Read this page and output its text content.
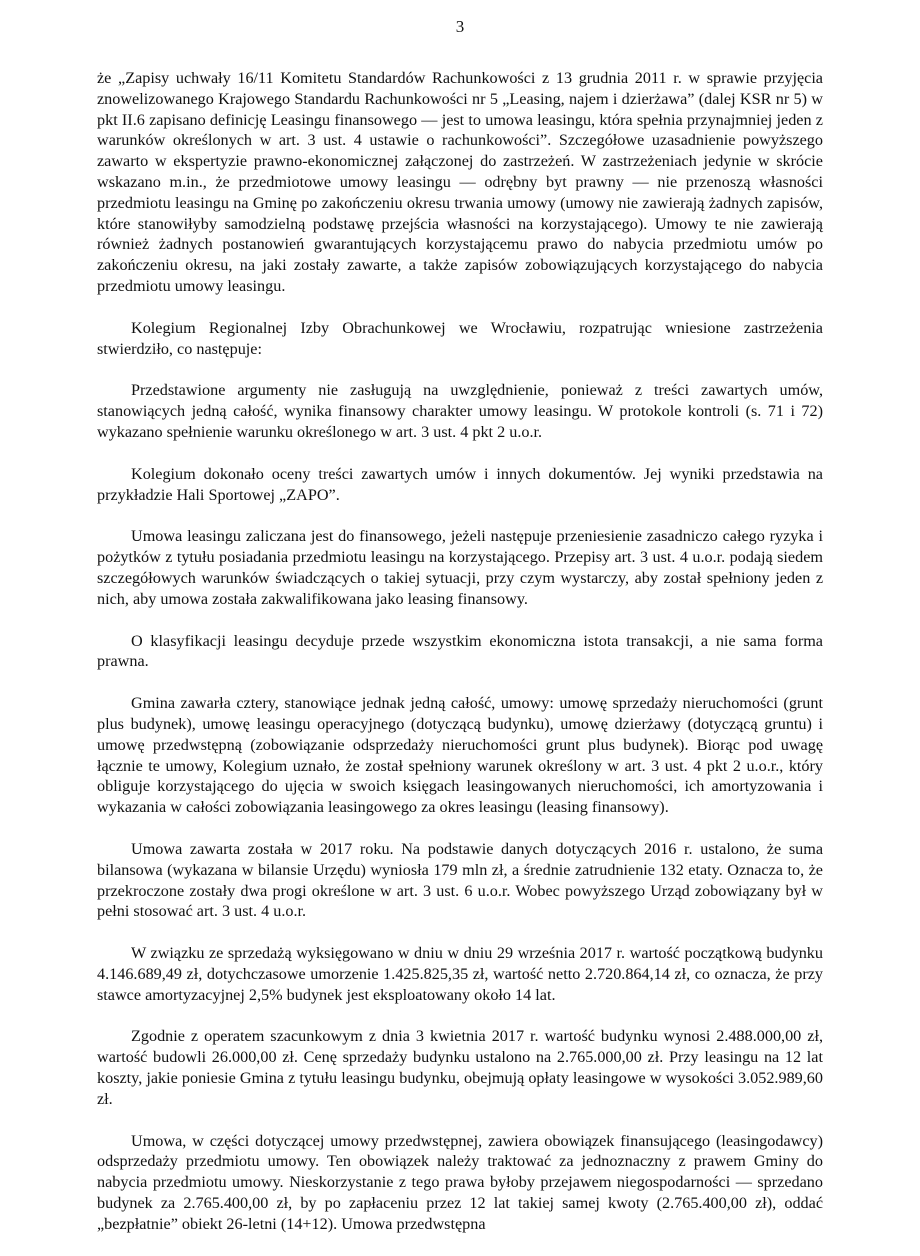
3

że „Zapisy uchwały 16/11 Komitetu Standardów Rachunkowości z 13 grudnia 2011 r. w sprawie przyjęcia znowelizowanego Krajowego Standardu Rachunkowości nr 5 „Leasing, najem i dzierżawa” (dalej KSR nr 5) w pkt II.6 zapisano definicję Leasingu finansowego — jest to umowa leasingu, która spełnia przynajmniej jeden z warunków określonych w art. 3 ust. 4 ustawie o rachunkowości”. Szczegółowe uzasadnienie powyższego zawarto w ekspertyzie prawno-ekonomicznej załączonej do zastrzeżeń. W zastrzeżeniach jedynie w skrócie wskazano m.in., że przedmiotowe umowy leasingu — odrębny byt prawny — nie przenoszą własności przedmiotu leasingu na Gminę po zakończeniu okresu trwania umowy (umowy nie zawierają żadnych zapisów, które stanowiłyby samodzielną podstawę przejścia własności na korzystającego). Umowy te nie zawierają również żadnych postanowień gwarantujących korzystającemu prawo do nabycia przedmiotu umów po zakończeniu okresu, na jaki zostały zawarte, a także zapisów zobowiązujących korzystającego do nabycia przedmiotu umowy leasingu.

Kolegium Regionalnej Izby Obrachunkowej we Wrocławiu, rozpatrując wniesione zastrzeżenia stwierdziło, co następuje:

Przedstawione argumenty nie zasługują na uwzględnienie, ponieważ z treści zawartych umów, stanowiących jedną całość, wynika finansowy charakter umowy leasingu. W protokole kontroli (s. 71 i 72) wykazano spełnienie warunku określonego w art. 3 ust. 4 pkt 2 u.o.r.

Kolegium dokonało oceny treści zawartych umów i innych dokumentów. Jej wyniki przedstawia na przykładzie Hali Sportowej „ZAPO”.

Umowa leasingu zaliczana jest do finansowego, jeżeli następuje przeniesienie zasadniczo całego ryzyka i pożytków z tytułu posiadania przedmiotu leasingu na korzystającego. Przepisy art. 3 ust. 4 u.o.r. podają siedem szczegółowych warunków świadczących o takiej sytuacji, przy czym wystarczy, aby został spełniony jeden z nich, aby umowa została zakwalifikowana jako leasing finansowy.

O klasyfikacji leasingu decyduje przede wszystkim ekonomiczna istota transakcji, a nie sama forma prawna.

Gmina zawarła cztery, stanowiące jednak jedną całość, umowy: umowę sprzedaży nieruchomości (grunt plus budynek), umowę leasingu operacyjnego (dotyczącą budynku), umowę dzierżawy (dotyczącą gruntu) i umowę przedwstępną (zobowiązanie odsprzedaży nieruchomości grunt plus budynek). Biorąc pod uwagę łącznie te umowy, Kolegium uznało, że został spełniony warunek określony w art. 3 ust. 4 pkt 2 u.o.r., który obliguje korzystającego do ujęcia w swoich księgach leasingowanych nieruchomości, ich amortyzowania i wykazania w całości zobowiązania leasingowego za okres leasingu (leasing finansowy).

Umowa zawarta została w 2017 roku. Na podstawie danych dotyczących 2016 r. ustalono, że suma bilansowa (wykazana w bilansie Urzędu) wyniosła 179 mln zł, a średnie zatrudnienie 132 etaty. Oznacza to, że przekroczone zostały dwa progi określone w art. 3 ust. 6 u.o.r. Wobec powyższego Urząd zobowiązany był w pełni stosować art. 3 ust. 4 u.o.r.

W związku ze sprzedażą wyksięgowano w dniu w dniu 29 września 2017 r. wartość początkową budynku 4.146.689,49 zł, dotychczasowe umorzenie 1.425.825,35 zł, wartość netto 2.720.864,14 zł, co oznacza, że przy stawce amortyzacyjnej 2,5% budynek jest eksploatowany około 14 lat.

Zgodnie z operatem szacunkowym z dnia 3 kwietnia 2017 r. wartość budynku wynosi 2.488.000,00 zł, wartość budowli 26.000,00 zł. Cenę sprzedaży budynku ustalono na 2.765.000,00 zł. Przy leasingu na 12 lat koszty, jakie poniesie Gmina z tytułu leasingu budynku, obejmują opłaty leasingowe w wysokości 3.052.989,60 zł.

Umowa, w części dotyczącej umowy przedwstępnej, zawiera obowiązek finansującego (leasingodawcy) odsprzedaży przedmiotu umowy. Ten obowiązek należy traktować za jednoznaczny z prawem Gminy do nabycia przedmiotu umowy. Nieskorzystanie z tego prawa byłoby przejawem niegospodarności — sprzedano budynek za 2.765.400,00 zł, by po zapłaceniu przez 12 lat takiej samej kwoty (2.765.400,00 zł), oddać „bezpłatnie” obiekt 26-letni (14+12). Umowa przedwstępna
